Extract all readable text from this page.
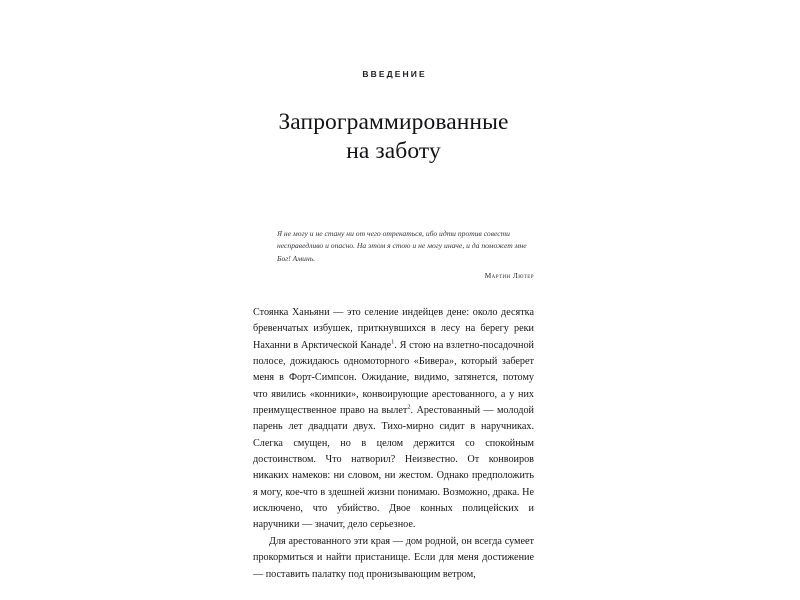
ВВЕДЕНИЕ
Запрограммированные
на заботу

Я не могу и не стану ни от чего отрекаться, ибо идти против совести несправедливо и опасно. На этом я стою и не могу иначе, и да поможет мне Бог! Аминь.

Мартин Лютер

Стоянка Ханьяни — это селение индейцев дене: около десятка бревенчатых избушек, приткнувшихся в лесу на берегу реки Наханни в Арктической Канаде$^1$. Я стою на взлетно-посадочной полосе, дожидаюсь одномоторного «Бивера», который заберет меня в Форт-Симпсон. Ожидание, видимо, затянется, потому что явились «конники», конвоирующие арестованного, а у них преимущественное право на вылет$^2$. Арестованный — молодой парень лет двадцати двух. Тихо-мирно сидит в наручниках. Слегка смущен, но в целом держится со спокойным достоинством. Что натворил? Неизвестно. От конвоиров никаких намеков: ни словом, ни жестом. Однако предположить я могу, кое-что в здешней жизни понимаю. Возможно, драка. Не исключено, что убийство. Двое конных полицейских и наручники — значит, дело серьезное.

Для арестованного эти края — дом родной, он всегда сумеет прокормиться и найти пристанище. Если для меня достижение — поставить палатку под пронизывающим ветром,
